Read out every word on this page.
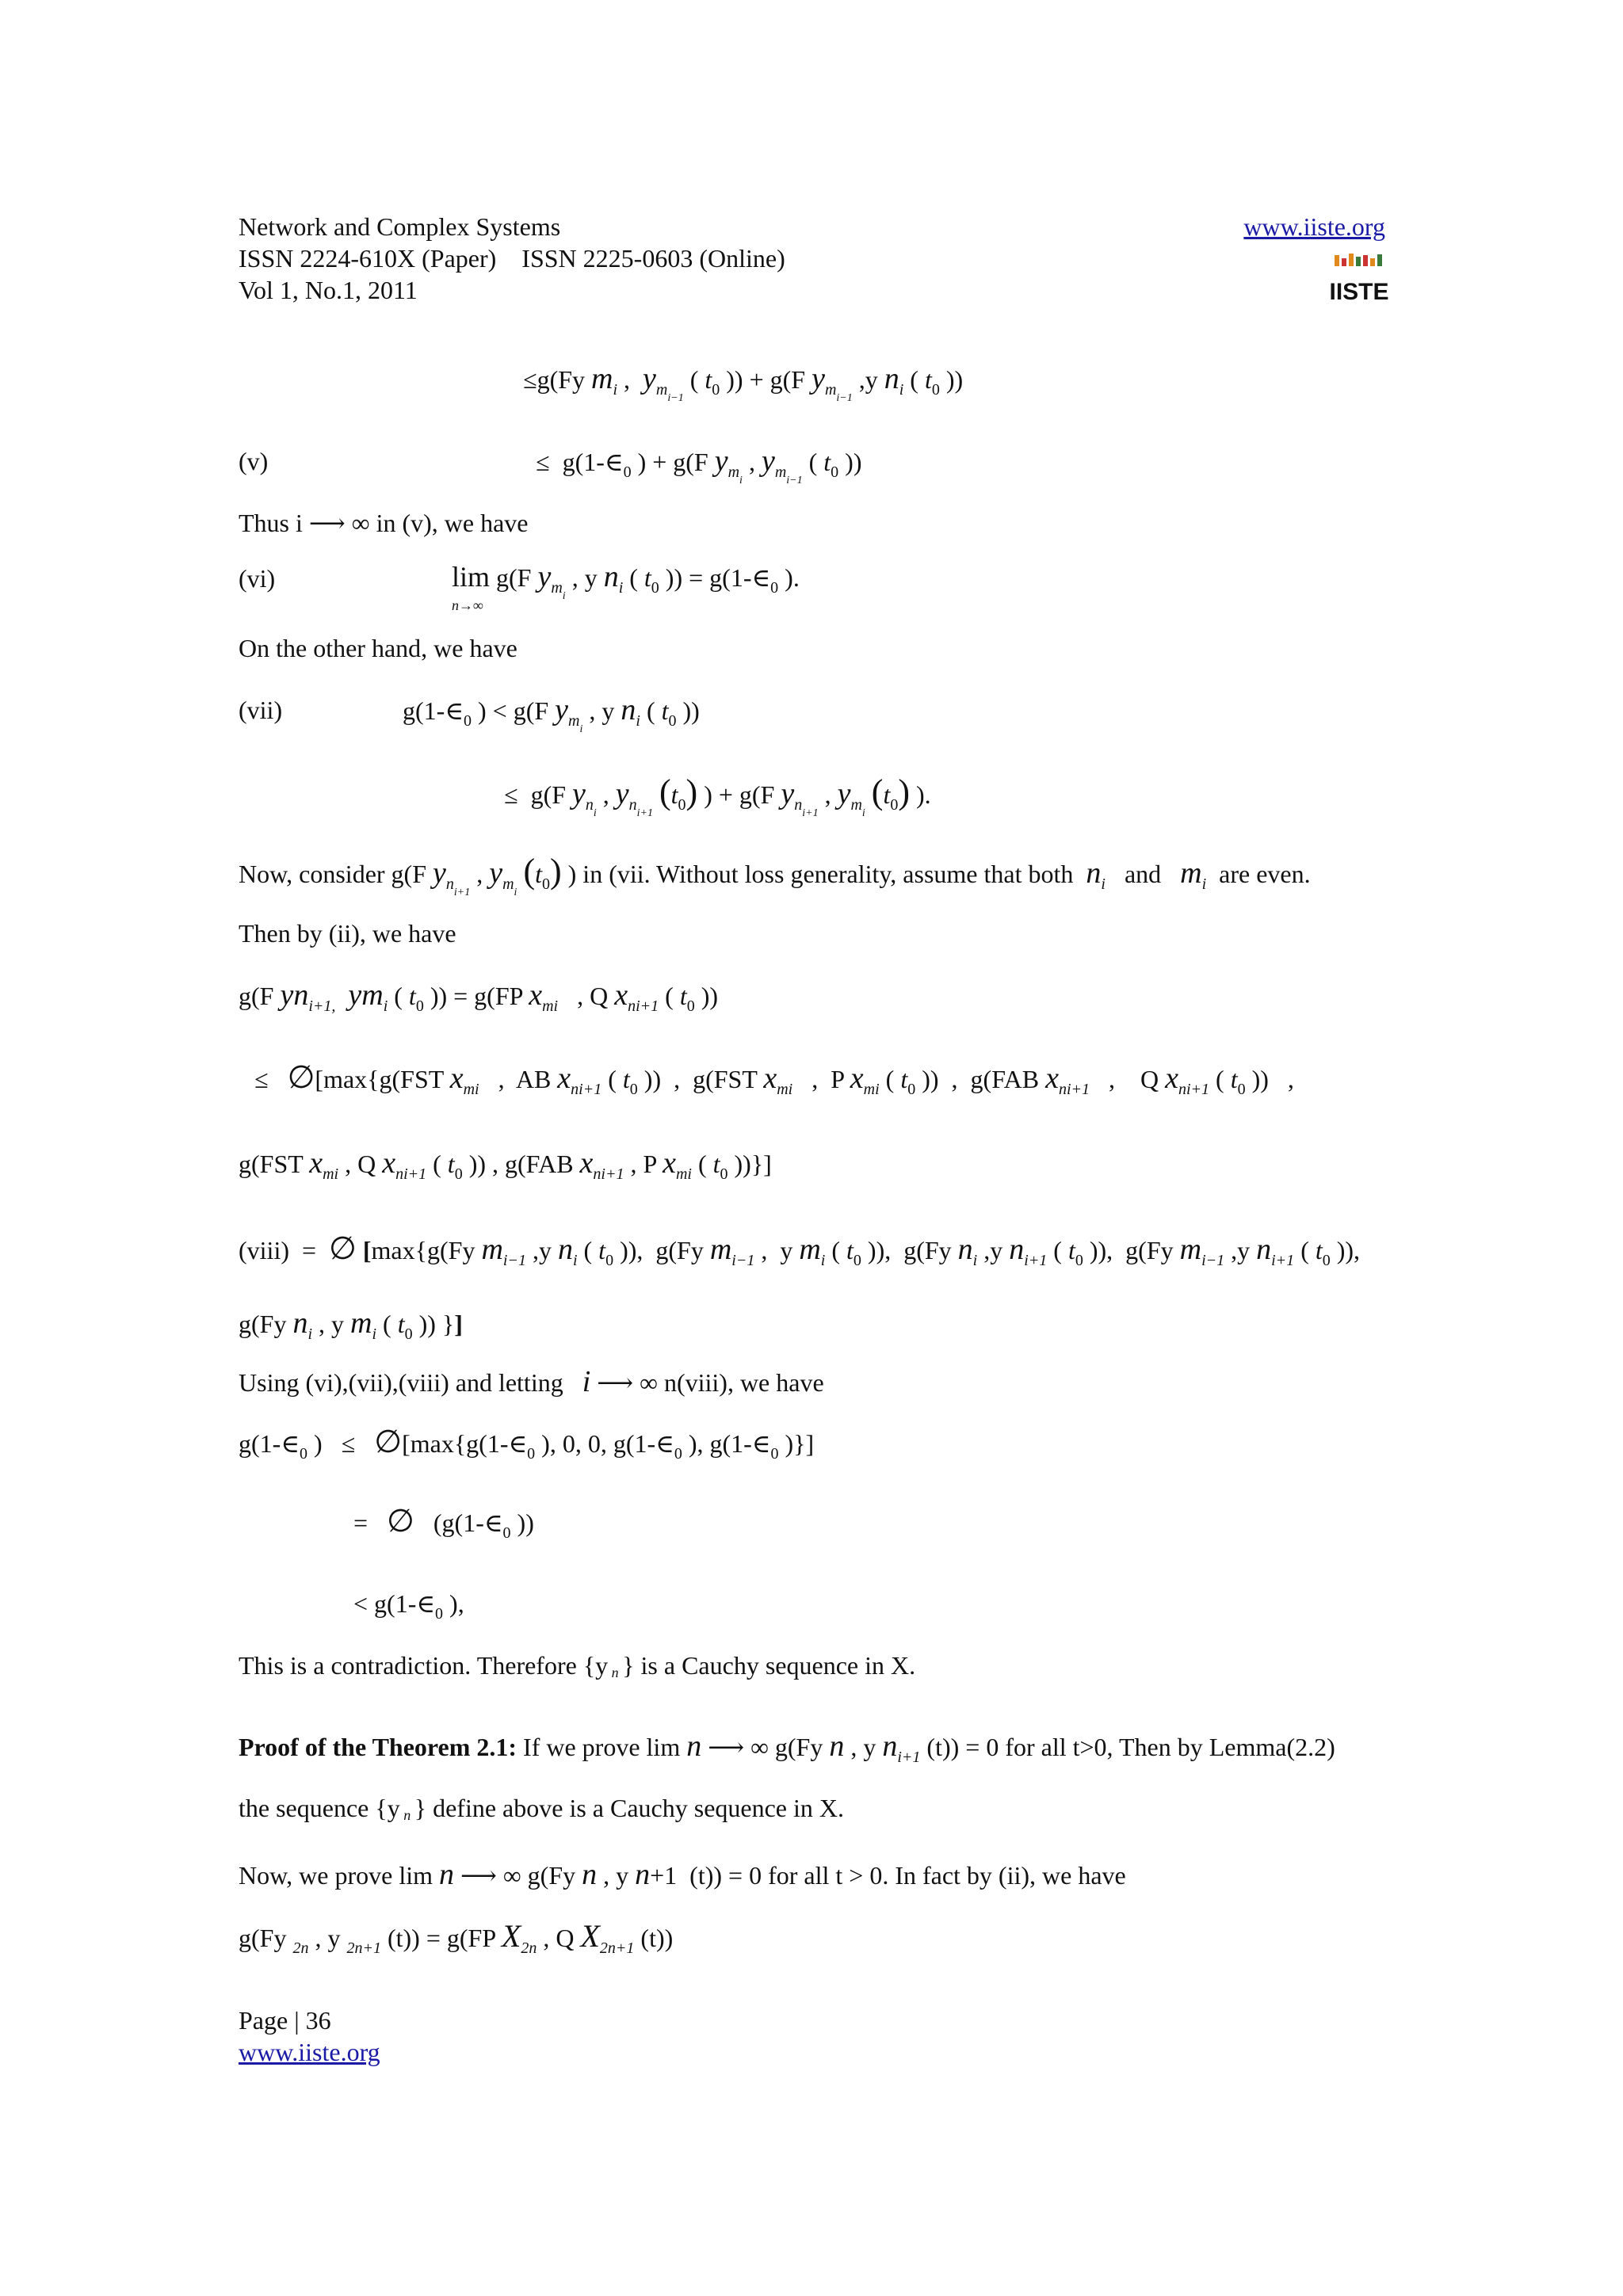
Network and Complex Systems
ISSN 2224-610X (Paper)    ISSN 2225-0603 (Online)
Vol 1, No.1, 2011
www.iiste.org
IISTE
≤g(Fy $m_i$ ,  $y_{m_{i-1}}$ ( $t_0$ )) + g(F $y_{m_{i-1}}$ ,y $n_i$ ( $t_0$ ))
(v)	≤  $g(1-\in_0$ ) + g(F $y_{m_i}$ , $y_{m_{i-1}}$ ( $t_0$ ))
Thus i ⟶ ∞ in (v), we have
(vi)	lim g(F $y_{m_i}$ , y $n_i$ ( $t_0$ )) = $g(1-\in_0$ ).
n→∞
On the other hand, we have
(vii)	$g(1-\in_0$ ) < g(F $y_{m_i}$ , y $n_i$ ( $t_0$ ))
≤  g(F $y_{n_i}$ , $y_{n_{i+1}}$ $(t_0)$ ) + g(F $y_{n_{i+1}}$ , $y_{m_i}$ $(t_0)$ ).
Now, consider g(F $y_{n_{i+1}}$ , $y_{m_i}$ $(t_0)$ ) in (vii. Without loss generality, assume that both $n_i$ and $m_i$ are even.
Then by (ii), we have
g(F $yn_{i+1,}$ $ym_i$ ( $t_0$ )) = g(FP $x_{mi}$   , Q $x_{ni+1}$ ( $t_0$ ))
≤   ∅[max{g(FST $x_{mi}$   ,  AB $x_{ni+1}$ ( $t_0$ ))  ,  g(FST $x_{mi}$   ,  P $x_{mi}$ ( $t_0$ ))  ,  g(FAB $x_{ni+1}$   ,    Q $x_{ni+1}$ ( $t_0$ ))   ,
g(FST $x_{mi}$ , Q $x_{ni+1}$ ( $t_0$ )) , g(FAB $x_{ni+1}$ , P $x_{mi}$ ( $t_0$ ))}]
(viii)  =  ∅ [max{g(Fy $m_{i-1}$ ,y $n_i$ ( $t_0$ )),  g(Fy $m_{i-1}$ ,  y $m_i$ ( $t_0$ )),  g(Fy $n_i$ ,y $n_{i+1}$ ( $t_0$ )),  g(Fy $m_{i-1}$ ,y $n_{i+1}$ ( $t_0$ )),
g(Fy $n_i$ , y $m_i$ ( $t_0$ )) }]
Using (vi),(vii),(viii) and letting i ⟶ ∞ n(viii), we have
$g(1-\in_0$ )   ≤   $\emptyset[\max\{g(1-\in_0$ ), 0, 0, $g(1-\in_0$ ), $g(1-\in_0$ )}]
=   ∅   ($g(1-\in_0$ ))
< $g(1-\in_0$ ),
This is a contradiction. Therefore {y $_n$ } is a Cauchy sequence in X.
Proof of the Theorem 2.1: If we prove lim n ⟶ ∞ g(Fy n , y $n_{i+1}$ (t)) = 0 for all t>0, Then by Lemma(2.2)
the sequence {y $_n$ } define above is a Cauchy sequence in X.
Now, we prove lim n ⟶ ∞ g(Fy n , y n+1  (t)) = 0 for all t > 0. In fact by (ii), we have
g(Fy $_{2n}$ , y $_{2n+1}$ (t)) = g(FP $X_{2n}$ , Q $X_{2n+1}$ (t))
Page | 36
www.iiste.org
